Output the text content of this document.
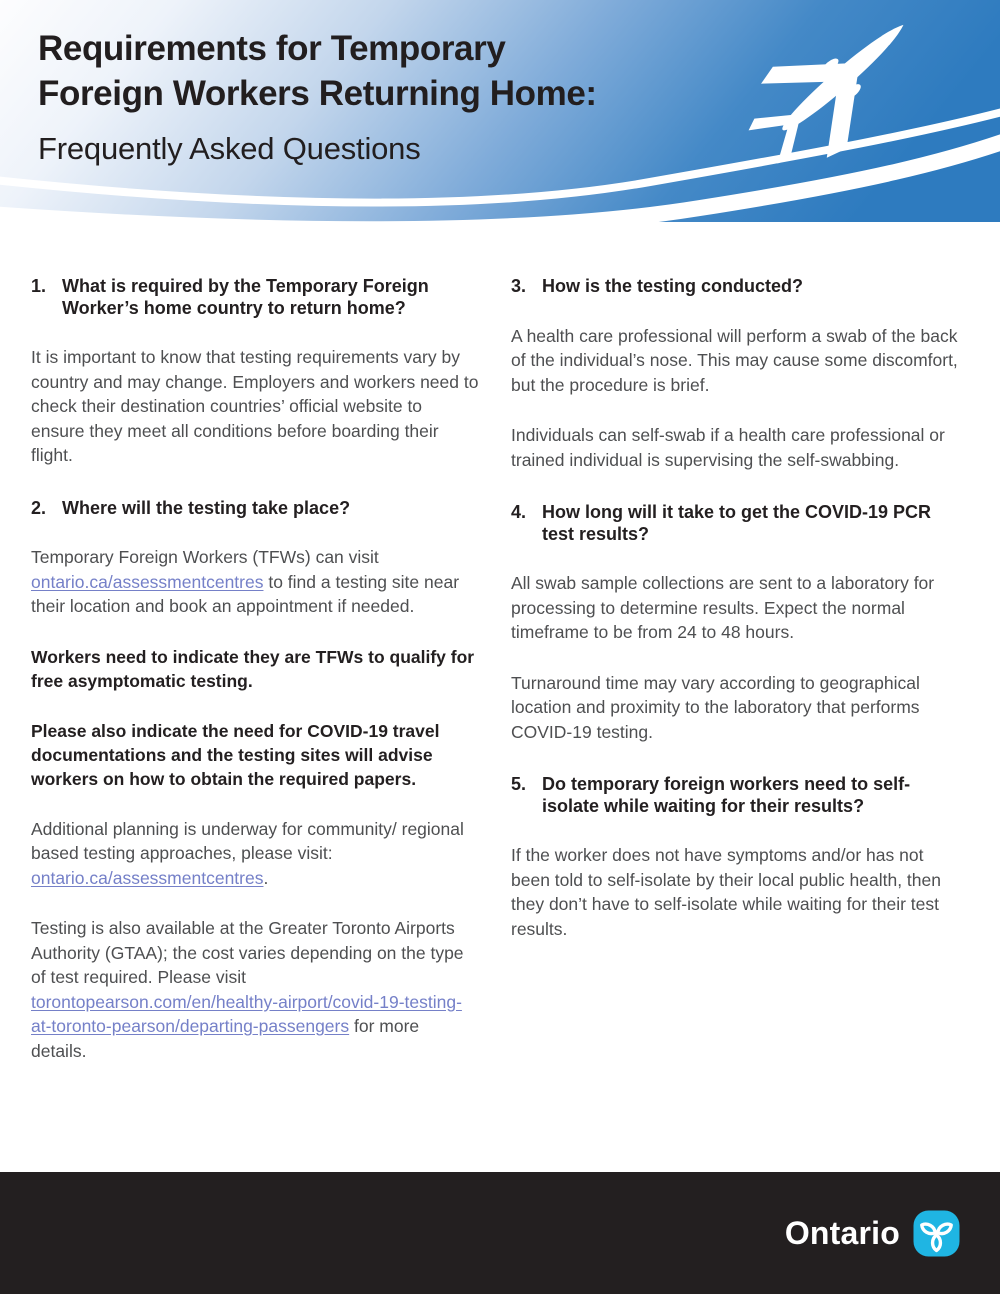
Requirements for Temporary
Foreign Workers Returning Home:
Frequently Asked Questions
1. What is required by the Temporary Foreign Worker’s home country to return home?

It is important to know that testing requirements vary by country and may change. Employers and workers need to check their destination countries’ official website to ensure they meet all conditions before boarding their flight.

2. Where will the testing take place?

Temporary Foreign Workers (TFWs) can visit ontario.ca/assessmentcentres to find a testing site near their location and book an appointment if needed.

Workers need to indicate they are TFWs to qualify for free asymptomatic testing.

Please also indicate the need for COVID-19 travel documentations and the testing sites will advise workers on how to obtain the required papers.

Additional planning is underway for community/ regional based testing approaches, please visit: ontario.ca/assessmentcentres.

Testing is also available at the Greater Toronto Airports Authority (GTAA); the cost varies depending on the type of test required. Please visit torontopearson.com/en/healthy-airport/covid-19-testing-at-toronto-pearson/departing-passengers for more details.

3. How is the testing conducted?

A health care professional will perform a swab of the back of the individual’s nose. This may cause some discomfort, but the procedure is brief.

Individuals can self-swab if a health care professional or trained individual is supervising the self-swabbing.

4. How long will it take to get the COVID-19 PCR test results?

All swab sample collections are sent to a laboratory for processing to determine results. Expect the normal timeframe to be from 24 to 48 hours.

Turnaround time may vary according to geographical location and proximity to the laboratory that performs COVID-19 testing.

5. Do temporary foreign workers need to self-isolate while waiting for their results?

If the worker does not have symptoms and/or has not been told to self-isolate by their local public health, then they don’t have to self-isolate while waiting for their test results.

Ontario
